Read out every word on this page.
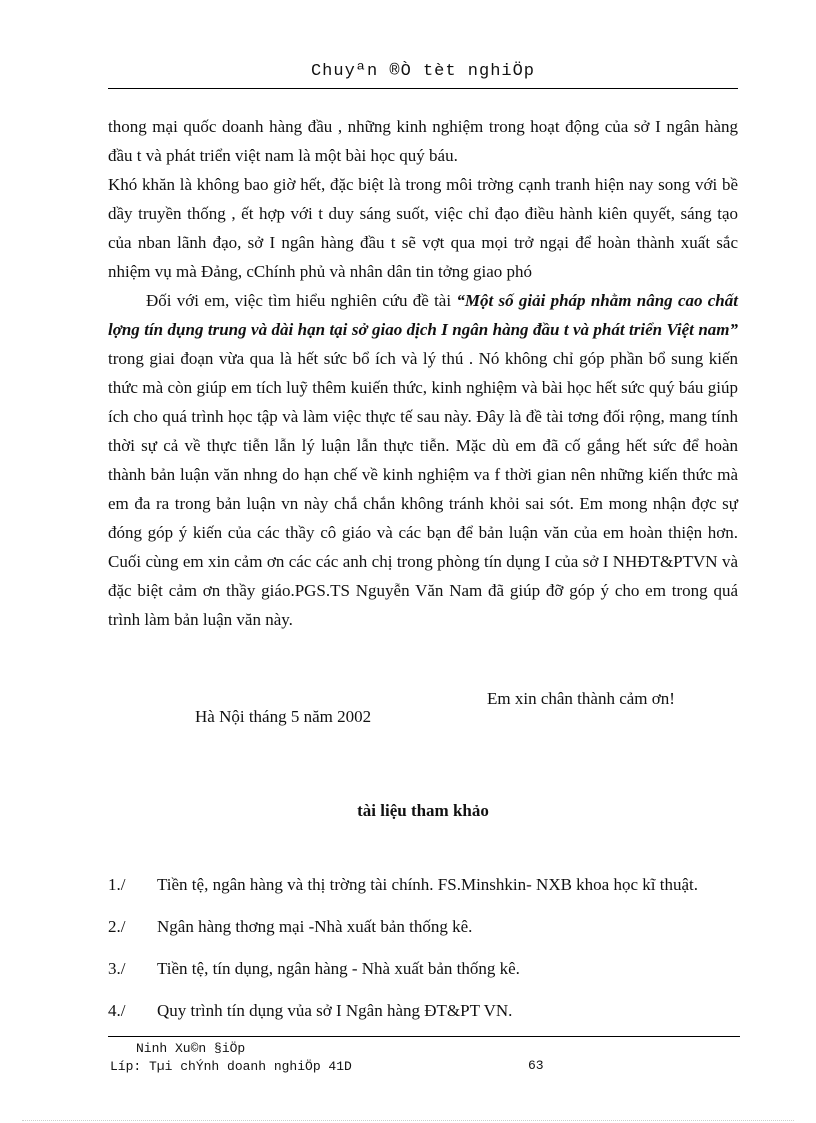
Chuyªn ®Ò tèt nghiÖp

thong mại quốc doanh hàng đầu , những kinh nghiệm trong hoạt động của sở I ngân hàng đầu t và phát triển việt nam là một bài học quý báu.

Khó khăn là không bao giờ hết, đặc biệt là trong môi trờng cạnh tranh hiện nay song với bề dầy truyền thống , ết hợp với t duy sáng suốt, việc chỉ đạo điều hành kiên quyết, sáng tạo của nban lãnh đạo, sở I ngân hàng đầu t sẽ vợt qua mọi trở ngại để hoàn thành xuất sắc nhiệm vụ mà Đảng, cChính phủ và nhân dân tin tởng giao phó

Đối với em, việc tìm hiểu nghiên cứu đề tài “Một số giải pháp nhằm nâng cao chất lợng tín dụng trung và dài hạn tại sở giao dịch I ngân hàng đầu t và phát triển Việt nam” trong giai đoạn vừa qua là hết sức bổ ích và lý thú . Nó không chỉ góp phần bổ sung kiến thức mà còn giúp em tích luỹ thêm kuiến thức, kinh nghiệm và bài học hết sức quý báu giúp ích cho quá trình học tập và làm việc thực tế sau này. Đây là đề tài tơng đối rộng, mang tính thời sự cả về thực tiễn lẫn lý luận lẫn thực tiễn. Mặc dù em đã cố gắng hết sức để hoàn thành bản luận văn nhng do hạn chế về kinh nghiệm va f thời gian nên những kiến thức mà em đa ra trong bản luận vn này chắ chắn không tránh khỏi sai sót. Em mong nhận đợc sự đóng góp ý kiến của các thầy cô giáo và các bạn để bản luận văn của em hoàn thiện hơn. Cuối cùng em xin cảm ơn các các anh chị trong phòng tín dụng I của sở I NHĐT&PTVN và đặc biệt cảm ơn thầy giáo.PGS.TS Nguyễn Văn Nam đã giúp đỡ góp ý cho em trong quá trình làm bản luận văn này.

Em xin chân thành cảm ơn!
Hà Nội tháng 5 năm 2002
tài liệu tham khảo
1./	Tiền tệ, ngân hàng và thị trờng tài chính. FS.Minshkin- NXB khoa học kĩ thuật.
2./	Ngân hàng thơng mại -Nhà xuất bản thống kê.
3./	Tiền tệ, tín dụng, ngân hàng - Nhà xuất bản thống kê.
4./	Quy trình tín dụng vủa sở I Ngân hàng ĐT&PT VN.
Ninh Xu©n §iÖp
Líp: Tµi chÝnh doanh nghiÖp 41D	63
